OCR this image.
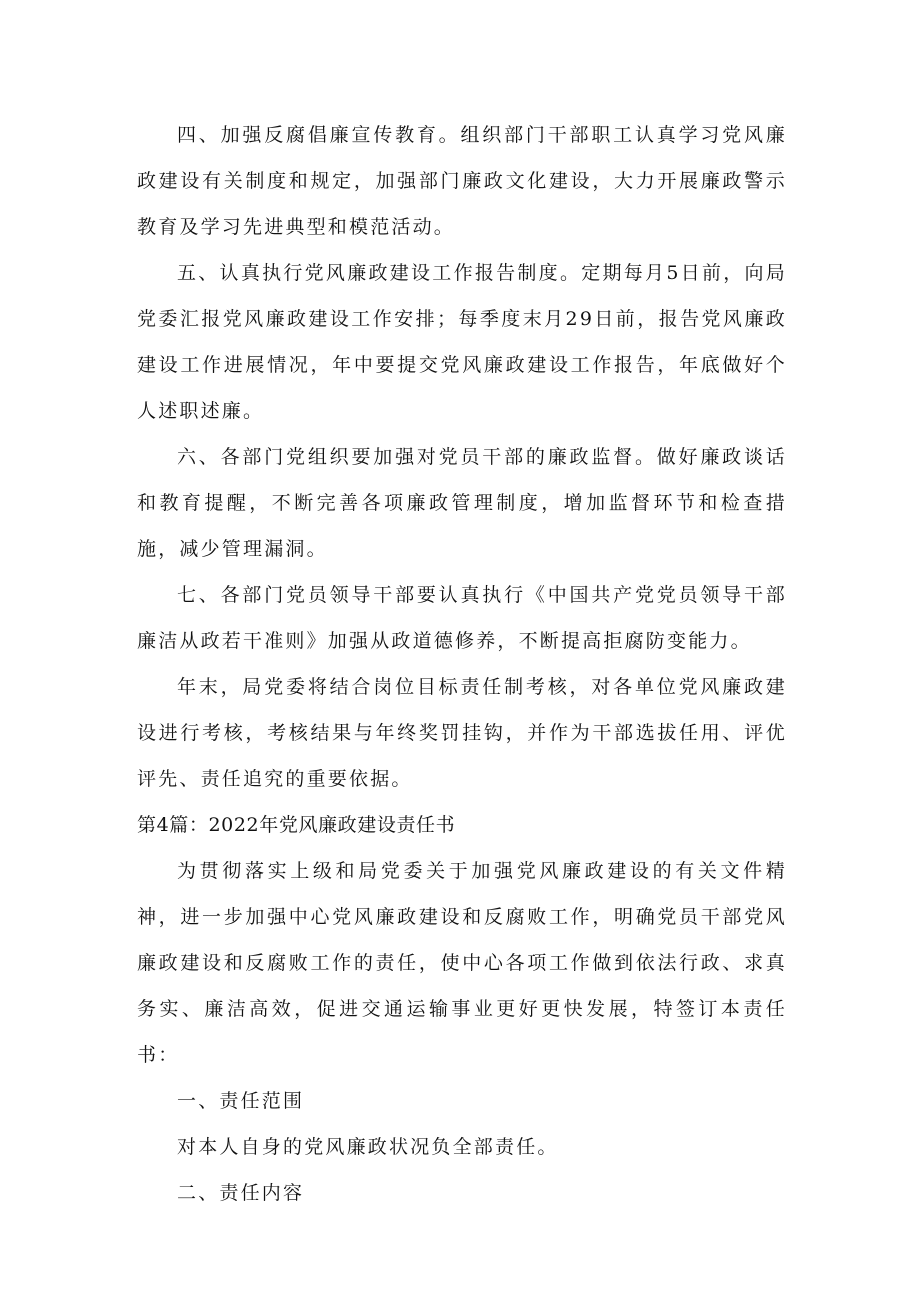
四、加强反腐倡廉宣传教育。组织部门干部职工认真学习党风廉政建设有关制度和规定，加强部门廉政文化建设，大力开展廉政警示教育及学习先进典型和模范活动。

五、认真执行党风廉政建设工作报告制度。定期每月5日前，向局党委汇报党风廉政建设工作安排；每季度末月29日前，报告党风廉政建设工作进展情况，年中要提交党风廉政建设工作报告，年底做好个人述职述廉。

六、各部门党组织要加强对党员干部的廉政监督。做好廉政谈话和教育提醒，不断完善各项廉政管理制度，增加监督环节和检查措施，减少管理漏洞。

七、各部门党员领导干部要认真执行《中国共产党党员领导干部廉洁从政若干准则》加强从政道德修养，不断提高拒腐防变能力。

年末，局党委将结合岗位目标责任制考核，对各单位党风廉政建设进行考核，考核结果与年终奖罚挂钩，并作为干部选拔任用、评优评先、责任追究的重要依据。

第4篇：2022年党风廉政建设责任书

为贯彻落实上级和局党委关于加强党风廉政建设的有关文件精神，进一步加强中心党风廉政建设和反腐败工作，明确党员干部党风廉政建设和反腐败工作的责任，使中心各项工作做到依法行政、求真务实、廉洁高效，促进交通运输事业更好更快发展，特签订本责任书：

一、责任范围

对本人自身的党风廉政状况负全部责任。

二、责任内容
